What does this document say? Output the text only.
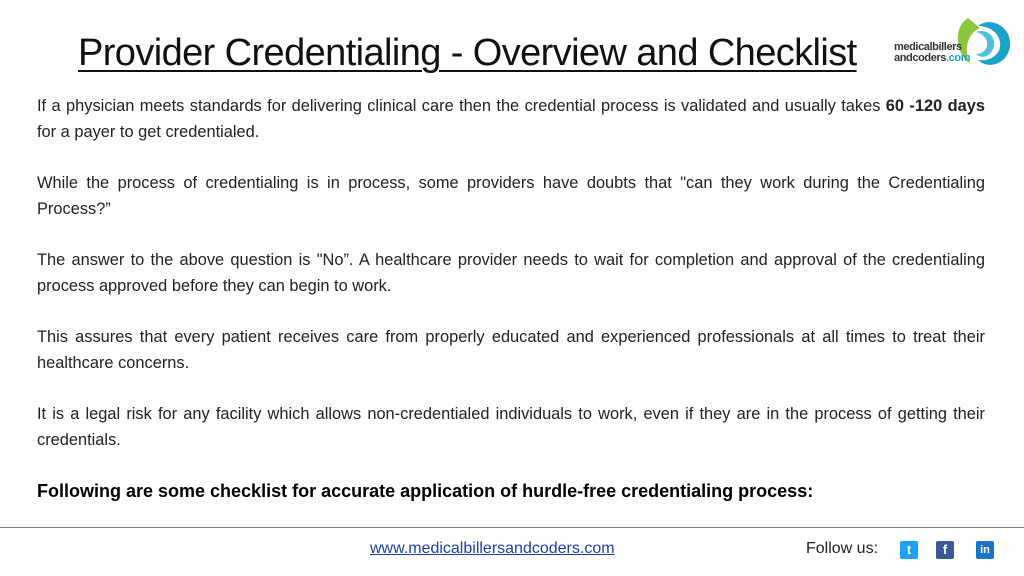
Provider Credentialing - Overview and Checklist	medicalbillers
andcoders.com

If a physician meets standards for delivering clinical care then the credential process is validated and usually takes 60 -120 days for a payer to get credentialed.

While the process of credentialing is in process, some providers have doubts that "can they work during the Credentialing Process?”

The answer to the above question is "No”. A healthcare provider needs to wait for completion and approval of the credentialing process approved before they can begin to work.

This assures that every patient receives care from properly educated and experienced professionals at all times to treat their healthcare concerns.

It is a legal risk for any facility which allows non-credentialed individuals to work, even if they are in the process of getting their credentials.

Following are some checklist for accurate application of hurdle-free credentialing process:
www.medicalbillersandcoders.com	Follow us:	t	f	in
